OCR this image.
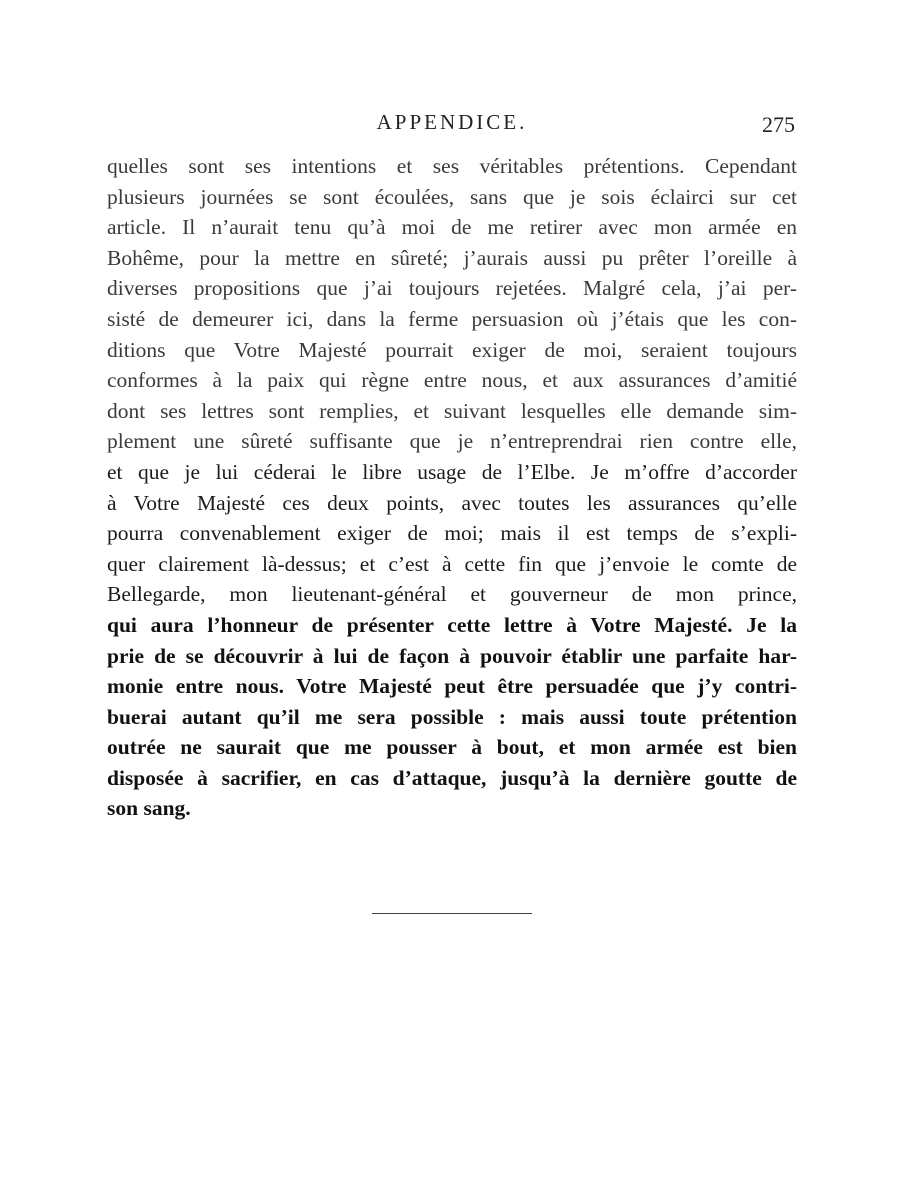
APPENDICE.	275
quelles sont ses intentions et ses véritables prétentions. Cependant
plusieurs journées se sont écoulées, sans que je sois éclairci sur cet
article. Il n’aurait tenu qu’à moi de me retirer avec mon armée en
Bohême, pour la mettre en sûreté; j’aurais aussi pu prêter l’oreille à
diverses propositions que j’ai toujours rejetées. Malgré cela, j’ai per-
sisté de demeurer ici, dans la ferme persuasion où j’étais que les con-
ditions que Votre Majesté pourrait exiger de moi, seraient toujours
conformes à la paix qui règne entre nous, et aux assurances d’amitié
dont ses lettres sont remplies, et suivant lesquelles elle demande sim-
plement une sûreté suffisante que je n’entreprendrai rien contre elle,
et que je lui céderai le libre usage de l’Elbe. Je m’offre d’accorder
à Votre Majesté ces deux points, avec toutes les assurances qu’elle
pourra convenablement exiger de moi; mais il est temps de s’expli-
quer clairement là-dessus; et c’est à cette fin que j’envoie le comte de
Bellegarde, mon lieutenant-général et gouverneur de mon prince,
qui aura l’honneur de présenter cette lettre à Votre Majesté. Je la
prie de se découvrir à lui de façon à pouvoir établir une parfaite har-
monie entre nous. Votre Majesté peut être persuadée que j’y contri-
buerai autant qu’il me sera possible : mais aussi toute prétention
outrée ne saurait que me pousser à bout, et mon armée est bien
disposée à sacrifier, en cas d’attaque, jusqu’à la dernière goutte de
son sang.
